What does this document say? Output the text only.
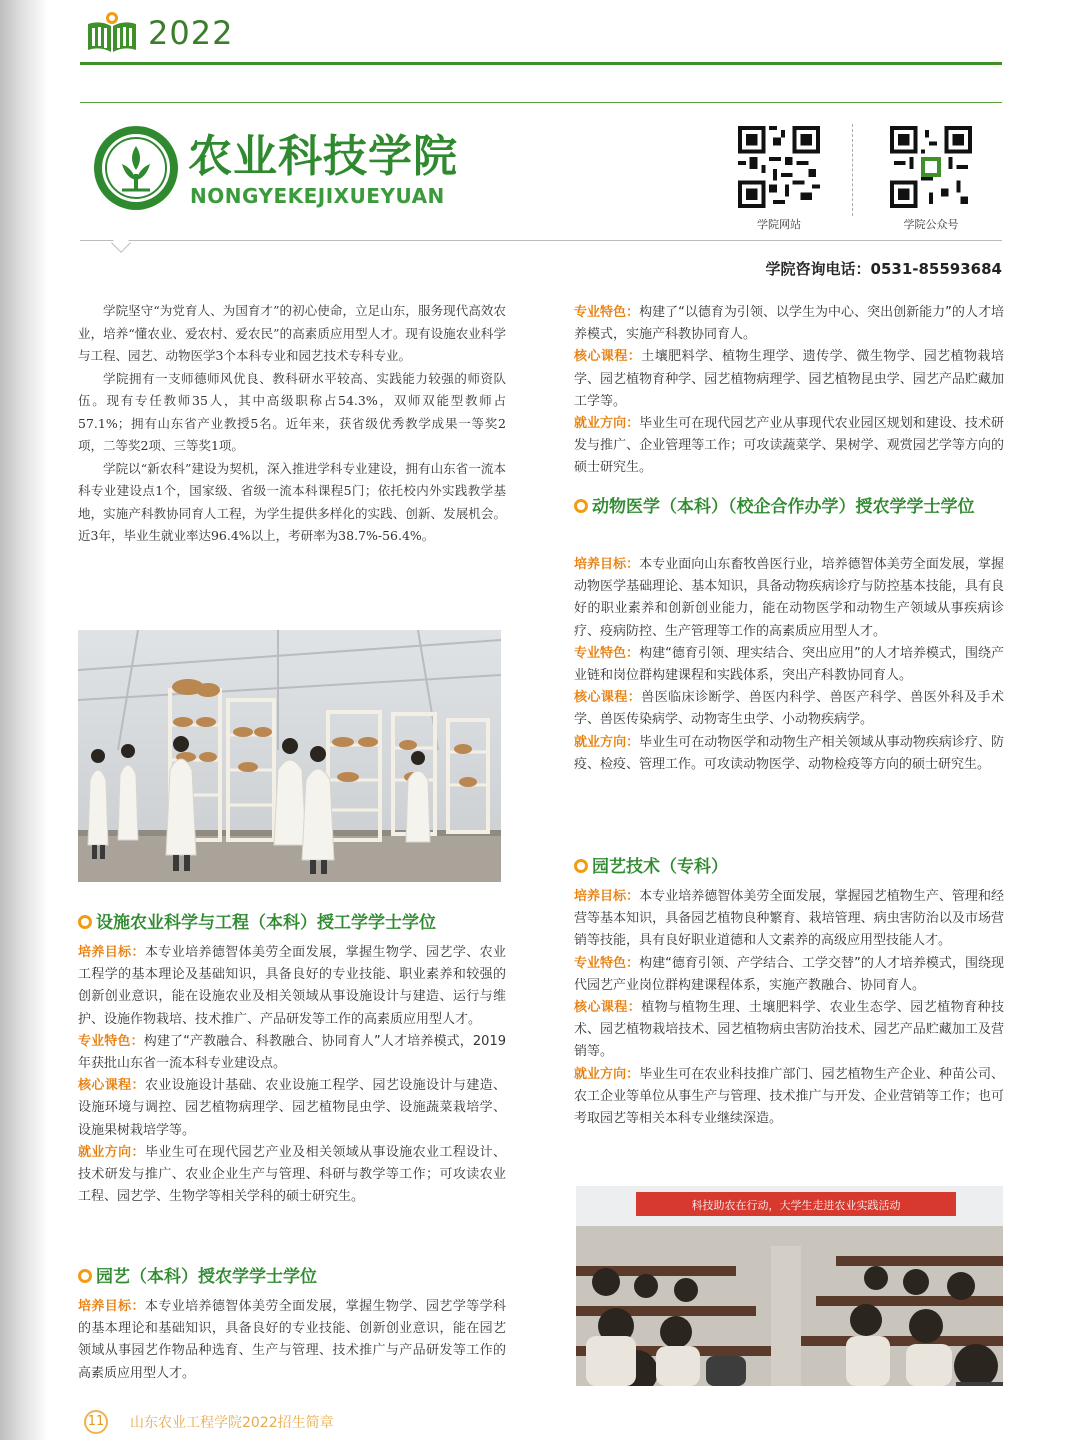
2022
农业科技学院
NONGYEKEJIXUEYUAN
学院网站	学院公众号
学院咨询电话：0531-85593684

学院坚守“为党育人、为国育才”的初心使命，立足山东，服务现代高效农业，培养“懂农业、爱农村、爱农民”的高素质应用型人才。现有设施农业科学与工程、园艺、动物医学3个本科专业和园艺技术专科专业。

学院拥有一支师德师风优良、教科研水平较高、实践能力较强的师资队伍。现有专任教师35人，其中高级职称占54.3%，双师双能型教师占57.1%；拥有山东省产业教授5名。近年来，获省级优秀教学成果一等奖2项，二等奖2项、三等奖1项。

学院以“新农科”建设为契机，深入推进学科专业建设，拥有山东省一流本科专业建设点1个，国家级、省级一流本科课程5门；依托校内外实践教学基地，实施产科教协同育人工程，为学生提供多样化的实践、创新、发展机会。近3年，毕业生就业率达96.4%以上，考研率为38.7%-56.4%。

设施农业科学与工程（本科）授工学学士学位

培养目标：本专业培养德智体美劳全面发展，掌握生物学、园艺学、农业工程学的基本理论及基础知识，具备良好的专业技能、职业素养和较强的创新创业意识，能在设施农业及相关领域从事设施设计与建造、运行与维护、设施作物栽培、技术推广、产品研发等工作的高素质应用型人才。

专业特色：构建了“产教融合、科教融合、协同育人”人才培养模式，2019年获批山东省一流本科专业建设点。

核心课程：农业设施设计基础、农业设施工程学、园艺设施设计与建造、设施环境与调控、园艺植物病理学、园艺植物昆虫学、设施蔬菜栽培学、设施果树栽培学等。

就业方向：毕业生可在现代园艺产业及相关领域从事设施农业工程设计、技术研发与推广、农业企业生产与管理、科研与教学等工作；可攻读农业工程、园艺学、生物学等相关学科的硕士研究生。

园艺（本科）授农学学士学位

培养目标：本专业培养德智体美劳全面发展，掌握生物学、园艺学等学科的基本理论和基础知识，具备良好的专业技能、创新创业意识，能在园艺领域从事园艺作物品种选育、生产与管理、技术推广与产品研发等工作的高素质应用型人才。

专业特色：构建了“以德育为引领、以学生为中心、突出创新能力”的人才培养模式，实施产科教协同育人。

核心课程：土壤肥料学、植物生理学、遗传学、微生物学、园艺植物栽培学、园艺植物育种学、园艺植物病理学、园艺植物昆虫学、园艺产品贮藏加工学等。

就业方向：毕业生可在现代园艺产业从事现代农业园区规划和建设、技术研发与推广、企业管理等工作；可攻读蔬菜学、果树学、观赏园艺学等方向的硕士研究生。

动物医学（本科）（校企合作办学）授农学学士学位

培养目标：本专业面向山东畜牧兽医行业，培养德智体美劳全面发展，掌握动物医学基础理论、基本知识，具备动物疾病诊疗与防控基本技能，具有良好的职业素养和创新创业能力，能在动物医学和动物生产领域从事疾病诊疗、疫病防控、生产管理等工作的高素质应用型人才。

专业特色：构建“德育引领、理实结合、突出应用”的人才培养模式，围绕产业链和岗位群构建课程和实践体系，突出产科教协同育人。

核心课程：兽医临床诊断学、兽医内科学、兽医产科学、兽医外科及手术学、兽医传染病学、动物寄生虫学、小动物疾病学。

就业方向：毕业生可在动物医学和动物生产相关领域从事动物疾病诊疗、防疫、检疫、管理工作。可攻读动物医学、动物检疫等方向的硕士研究生。

园艺技术（专科）

培养目标：本专业培养德智体美劳全面发展，掌握园艺植物生产、管理和经营等基本知识，具备园艺植物良种繁育、栽培管理、病虫害防治以及市场营销等技能，具有良好职业道德和人文素养的高级应用型技能人才。

专业特色：构建“德育引领、产学结合、工学交替”的人才培养模式，围绕现代园艺产业岗位群构建课程体系，实施产教融合、协同育人。

核心课程：植物与植物生理、土壤肥料学、农业生态学、园艺植物育种技术、园艺植物栽培技术、园艺植物病虫害防治技术、园艺产品贮藏加工及营销等。

就业方向：毕业生可在农业科技推广部门、园艺植物生产企业、种苗公司、农工企业等单位从事生产与管理、技术推广与开发、企业营销等工作；也可考取园艺等相关本科专业继续深造。

科技助农在行动，大学生走进农业实践活动
11 山东农业工程学院2022招生简章
